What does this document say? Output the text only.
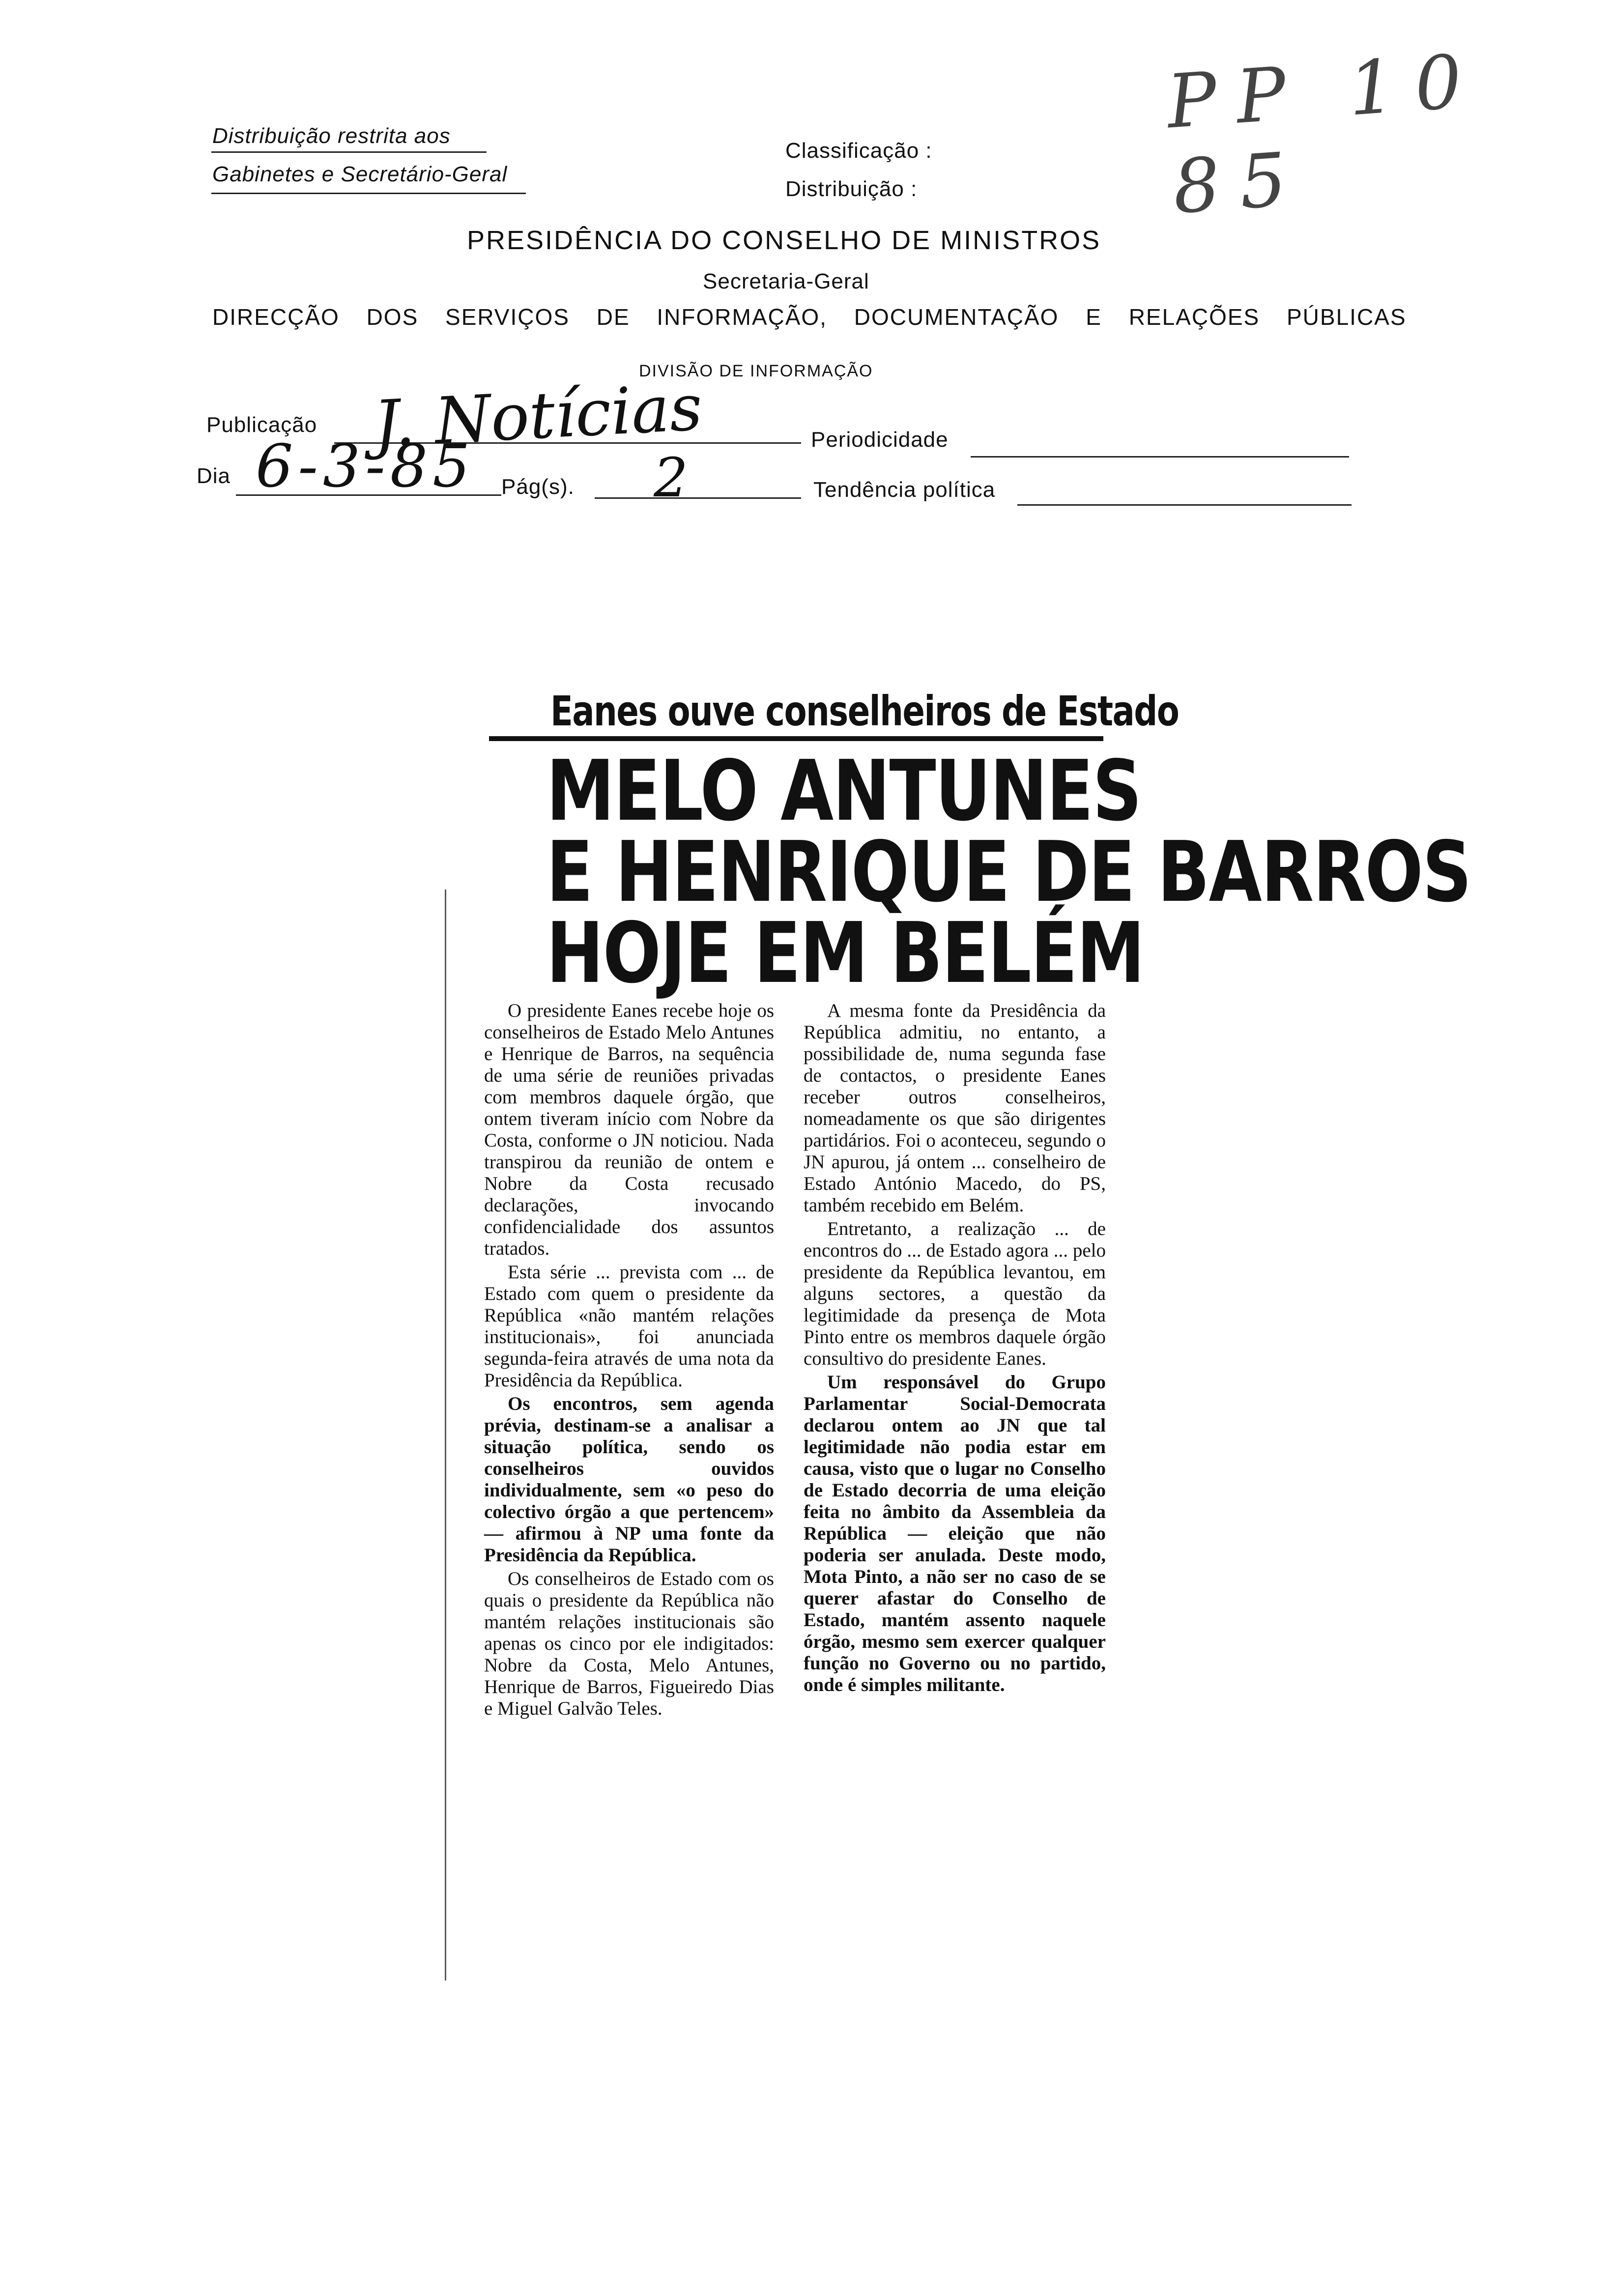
PP 10 85
Distribuição restrita aos
Gabinetes e Secretário-Geral
Classificação :
Distribuição :
PRESIDÊNCIA DO CONSELHO DE MINISTROS
Secretaria-Geral
DIRECÇÃO DOS SERVIÇOS DE INFORMAÇÃO, DOCUMENTAÇÃO E RELAÇÕES PÚBLICAS
DIVISÃO DE INFORMAÇÃO
Publicação J. Notícias	Periodicidade
Dia 6-3-85 Pág(s). 2	Tendência política
Eanes ouve conselheiros de Estado
MELO ANTUNES
E HENRIQUE DE BARROS
HOJE EM BELÉM

O presidente Eanes recebe hoje os conselheiros de Estado Melo Antunes e Henrique de Barros, na sequência de uma série de reuniões privadas com membros daquele órgão, que ontem tiveram início com Nobre da Costa, conforme o JN noticiou. Nada transpirou da reunião de ontem e Nobre da Costa recusado declarações, invocando confidencialidade dos assuntos tratados.

Esta série ... prevista com ... de Estado com quem o presidente da República «não mantém relações institucionais», foi anunciada segunda-feira através de uma nota da Presidência da República.

Os encontros, sem agenda prévia, destinam-se a analisar a situação política, sendo os conselheiros ouvidos individualmente, sem «o peso do colectivo órgão a que pertencem» — afirmou à NP uma fonte da Presidência da República.

Os conselheiros de Estado com os quais o presidente da República não mantém relações institucionais são apenas os cinco por ele indigitados: Nobre da Costa, Melo Antunes, Henrique de Barros, Figueiredo Dias e Miguel Galvão Teles.

A mesma fonte da Presidência da República admitiu, no entanto, a possibilidade de, numa segunda fase de contactos, o presidente Eanes receber outros conselheiros, nomeadamente os que são dirigentes partidários. Foi o aconteceu, segundo o JN apurou, já ontem ... conselheiro de Estado António Macedo, do PS, também recebido em Belém.

Entretanto, a realização ... de encontros do ... de Estado agora ... pelo presidente da República levantou, em alguns sectores, a questão da legitimidade da presença de Mota Pinto entre os membros daquele órgão consultivo do presidente Eanes.

Um responsável do Grupo Parlamentar Social-Democrata declarou ontem ao JN que tal legitimidade não podia estar em causa, visto que o lugar no Conselho de Estado decorria de uma eleição feita no âmbito da Assembleia da República — eleição que não poderia ser anulada. Deste modo, Mota Pinto, a não ser no caso de se querer afastar do Conselho de Estado, mantém assento naquele órgão, mesmo sem exercer qualquer função no Governo ou no partido, onde é simples militante.
